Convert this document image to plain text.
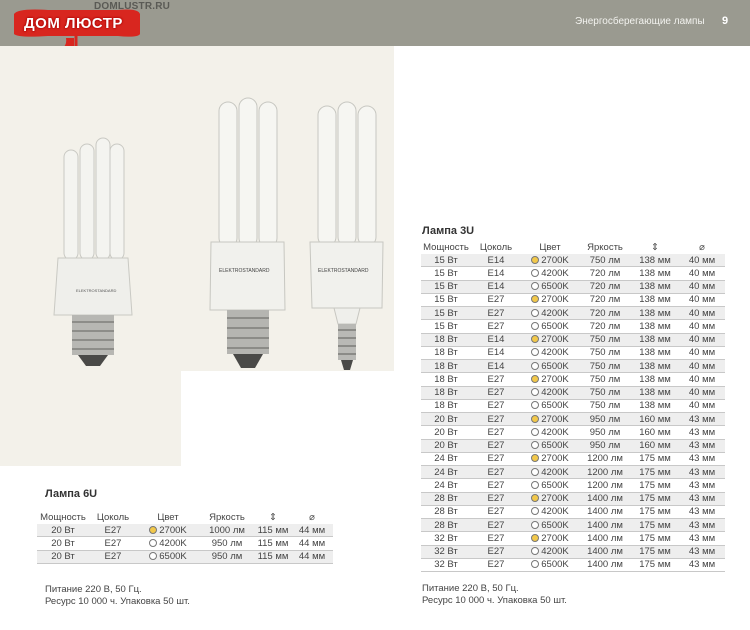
Энергосберегающие лампы 9
DOMLUSTR.RU
ДОМ ЛЮСТР
ELEKTROSTANDARD
ELEKTROSTANDARD	ELEKTROSTANDARD
Лампа 6U
Мощность	Цоколь	Цвет	Яркость	⇕	⌀
20 Вт	E27	2700K	1000 лм	115 мм	44 мм
20 Вт	E27	4200K	950 лм	115 мм	44 мм
20 Вт	E27	6500K	950 лм	115 мм	44 мм
Питание 220 В, 50 Гц.
Ресурс 10 000 ч. Упаковка 50 шт.
Лампа 3U
Мощность	Цоколь	Цвет	Яркость	⇕	⌀
15 Вт	E14	2700K	750 лм	138 мм	40 мм
15 Вт	E14	4200K	720 лм	138 мм	40 мм
15 Вт	E14	6500K	720 лм	138 мм	40 мм
15 Вт	E27	2700K	720 лм	138 мм	40 мм
15 Вт	E27	4200K	720 лм	138 мм	40 мм
15 Вт	E27	6500K	720 лм	138 мм	40 мм
18 Вт	E14	2700K	750 лм	138 мм	40 мм
18 Вт	E14	4200K	750 лм	138 мм	40 мм
18 Вт	E14	6500K	750 лм	138 мм	40 мм
18 Вт	E27	2700K	750 лм	138 мм	40 мм
18 Вт	E27	4200K	750 лм	138 мм	40 мм
18 Вт	E27	6500K	750 лм	138 мм	40 мм
20 Вт	E27	2700K	950 лм	160 мм	43 мм
20 Вт	E27	4200K	950 лм	160 мм	43 мм
20 Вт	E27	6500K	950 лм	160 мм	43 мм
24 Вт	E27	2700K	1200 лм	175 мм	43 мм
24 Вт	E27	4200K	1200 лм	175 мм	43 мм
24 Вт	E27	6500K	1200 лм	175 мм	43 мм
28 Вт	E27	2700K	1400 лм	175 мм	43 мм
28 Вт	E27	4200K	1400 лм	175 мм	43 мм
28 Вт	E27	6500K	1400 лм	175 мм	43 мм
32 Вт	E27	2700K	1400 лм	175 мм	43 мм
32 Вт	E27	4200K	1400 лм	175 мм	43 мм
32 Вт	E27	6500K	1400 лм	175 мм	43 мм
Питание 220 В, 50 Гц.
Ресурс 10 000 ч. Упаковка 50 шт.
